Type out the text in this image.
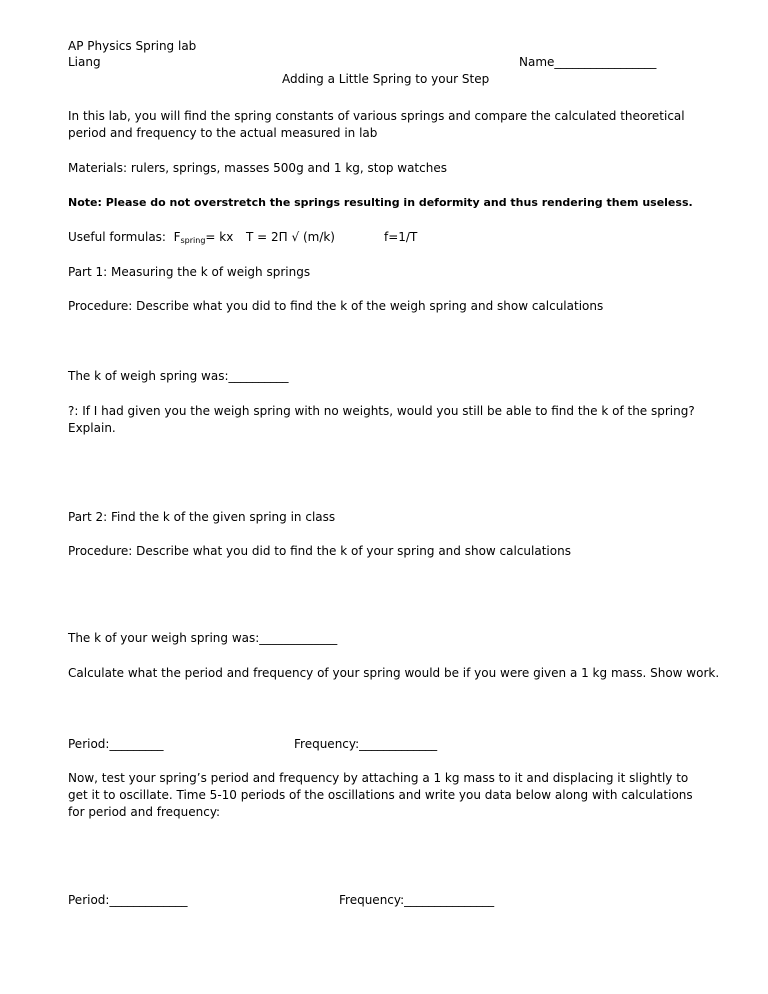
AP Physics Spring lab
Liang	Name_________________
Adding a Little Spring to your Step
In this lab, you will find the spring constants of various springs and compare the calculated theoretical period and frequency to the actual measured in lab
Materials: rulers, springs, masses 500g and 1 kg, stop watches
Note: Please do not overstretch the springs resulting in deformity and thus rendering them useless.
Useful formulas: $F_{spring}=$ kx T = 2Π √ (m/k)	f=1/T
Part 1: Measuring the k of weigh springs
Procedure: Describe what you did to find the k of the weigh spring and show calculations
The k of weigh spring was:__________
?: If I had given you the weigh spring with no weights, would you still be able to find the k of the spring? Explain.
Part 2: Find the k of the given spring in class
Procedure: Describe what you did to find the k of your spring and show calculations
The k of your weigh spring was:_____________
Calculate what the period and frequency of your spring would be if you were given a 1 kg mass. Show work.
Period:_________	Frequency:_____________
Now, test your spring’s period and frequency by attaching a 1 kg mass to it and displacing it slightly to get it to oscillate. Time 5-10 periods of the oscillations and write you data below along with calculations for period and frequency:
Period:_____________	Frequency:_______________
